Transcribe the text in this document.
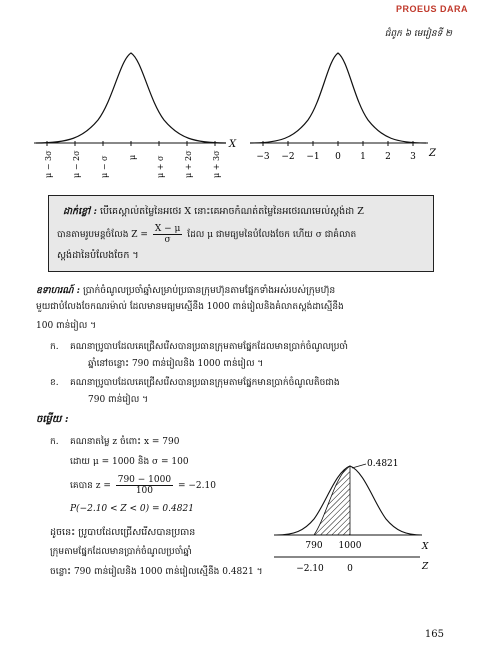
PROEUS DARA
ជំពូក ៦ មេរៀនទី ២
X
μ − 3σ μ − 2σ μ − σ μ μ + σ μ + 2σ μ + 3σ	Z
−3 −2 −1 0 1 2 3
ដាក់ខ្លៅ : បើគេស្គាល់តម្លៃនៃអថេរ X នោះគេអាចកំណត់តម្លៃនៃអថេរណមេល់ស្តង់ដា Z
បានតាមរូបមន្តចំលែង $Z = \frac{X - \mu}{\sigma}$ ដែល μ ជាមធ្យមនៃបំលែងចែក ហើយ σ ជាគំលាត
ស្តង់ដានៃបំលែងចែក ។
ឧទាហរណ៍ : ប្រាក់ចំណូលប្រចាំឆ្នាំសម្រាប់ប្រធានក្រុមហ៊ុនតាមផ្នែកទាំងអស់របស់ក្រុមហ៊ុន
មួយជាបំលែងចែកណរម៉ាល់ ដែលមានមធ្យមស្មើនឹង 1000 ពាន់រៀលនិងគំលាតស្តង់ដាស្មើនឹង
100 ពាន់រៀល ។
ក. គណនាប្រូបាបដែលគេជ្រើសរើសបានប្រធានក្រុមតាមផ្នែកដែលមានប្រាក់ចំណូលប្រចាំ
ឆ្នាំនៅចន្លោះ 790 ពាន់រៀលនិង 1000 ពាន់រៀល ។
ខ. គណនាប្រូបាបដែលគេជ្រើសរើសបានប្រធានក្រុមតាមផ្នែកមានប្រាក់ចំណូលតិចជាង
790 ពាន់រៀល ។
ចម្លើយ :
ក. គណនាតម្លៃ z ចំពោះ x = 790
ដោយ μ = 1000 និង σ = 100
គេបាន $z = \frac{790 - 1000}{100} = -2.10$
P(−2.10 < Z < 0) = 0.4821
ដូចនេះ ប្រូបាបដែលជ្រើសរើសបានប្រធាន
ក្រុមតាមផ្នែកដែលមានប្រាក់ចំណូលប្រចាំឆ្នាំ
ចន្លោះ 790 ពាន់រៀលនិង 1000 ពាន់រៀលស្មើនឹង 0.4821 ។
0.4821
790 1000	X
−2.10	0	Z
165
